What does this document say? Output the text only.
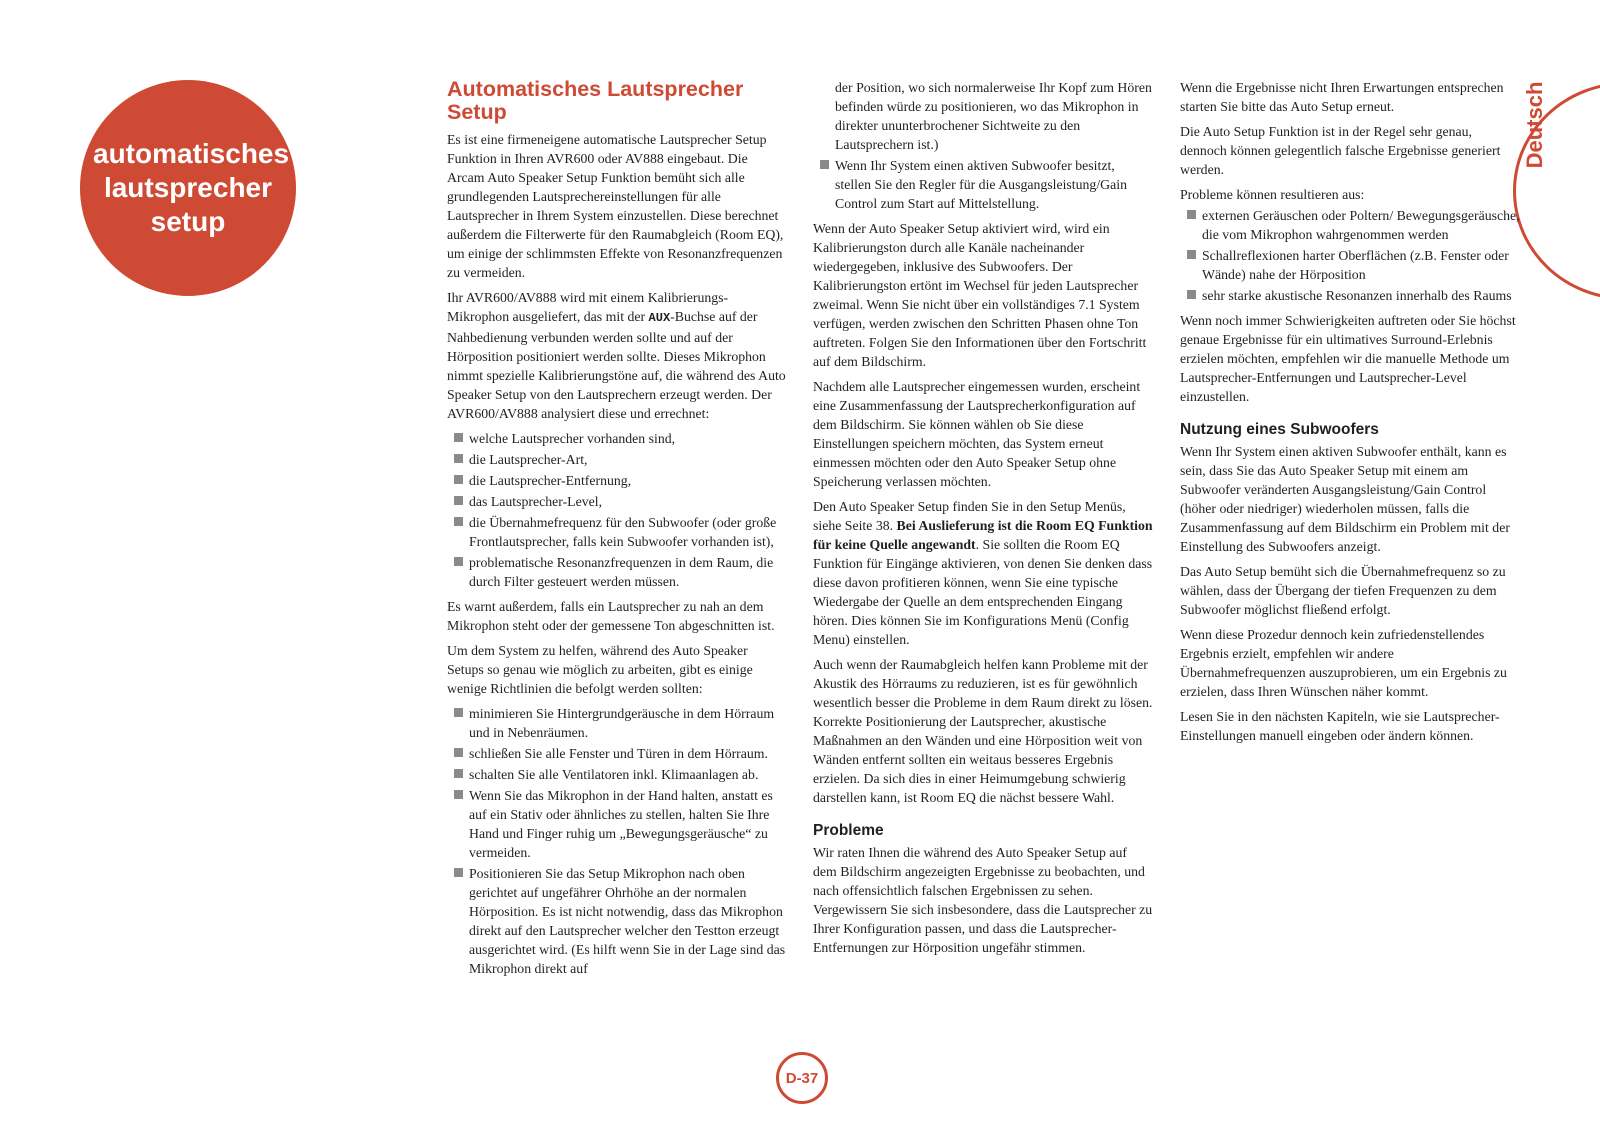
automatisches lautsprecher setup
Deutsch
Automatisches Lautsprecher Setup

Es ist eine firmeneigene automatische Lautsprecher Setup Funktion in Ihren AVR600 oder AV888 eingebaut. Die Arcam Auto Speaker Setup Funktion bemüht sich alle grundlegenden Lautsprechereinstellungen für alle Lautsprecher in Ihrem System einzustellen. Diese berechnet außerdem die Filterwerte für den Raumabgleich (Room EQ), um einige der schlimmsten Effekte von Resonanzfrequenzen zu vermeiden.

Ihr AVR600/AV888 wird mit einem Kalibrierungs-Mikrophon ausgeliefert, das mit der AUX-Buchse auf der Nahbedienung verbunden werden sollte und auf der Hörposition positioniert werden sollte. Dieses Mikrophon nimmt spezielle Kalibrierungstöne auf, die während des Auto Speaker Setup von den Lautsprechern erzeugt werden. Der AVR600/AV888 analysiert diese und errechnet:

welche Lautsprecher vorhanden sind,
die Lautsprecher-Art,
die Lautsprecher-Entfernung,
das Lautsprecher-Level,
die Übernahmefrequenz für den Subwoofer (oder große Frontlautsprecher, falls kein Subwoofer vorhanden ist),
problematische Resonanzfrequenzen in dem Raum, die durch Filter gesteuert werden müssen.

Es warnt außerdem, falls ein Lautsprecher zu nah an dem Mikrophon steht oder der gemessene Ton abgeschnitten ist.

Um dem System zu helfen, während des Auto Speaker Setups so genau wie möglich zu arbeiten, gibt es einige wenige Richtlinien die befolgt werden sollten:

minimieren Sie Hintergrundgeräusche in dem Hörraum und in Nebenräumen.
schließen Sie alle Fenster und Türen in dem Hörraum.
schalten Sie alle Ventilatoren inkl. Klimaanlagen ab.
Wenn Sie das Mikrophon in der Hand halten, anstatt es auf ein Stativ oder ähnliches zu stellen, halten Sie Ihre Hand und Finger ruhig um „Bewegungsgeräusche“ zu vermeiden.
Positionieren Sie das Setup Mikrophon nach oben gerichtet auf ungefährer Ohrhöhe an der normalen Hörposition. Es ist nicht notwendig, dass das Mikrophon direkt auf den Lautsprecher welcher den Testton erzeugt ausgerichtet wird. (Es hilft wenn Sie in der Lage sind das Mikrophon direkt auf
der Position, wo sich normalerweise Ihr Kopf zum Hören befinden würde zu positionieren, wo das Mikrophon in direkter ununterbrochener Sichtweite zu den Lautsprechern ist.)
Wenn Ihr System einen aktiven Subwoofer besitzt, stellen Sie den Regler für die Ausgangsleistung/Gain Control zum Start auf Mittelstellung.

Wenn der Auto Speaker Setup aktiviert wird, wird ein Kalibrierungston durch alle Kanäle nacheinander wiedergegeben, inklusive des Subwoofers. Der Kalibrierungston ertönt im Wechsel für jeden Lautsprecher zweimal. Wenn Sie nicht über ein vollständiges 7.1 System verfügen, werden zwischen den Schritten Phasen ohne Ton auftreten. Folgen Sie den Informationen über den Fortschritt auf dem Bildschirm.

Nachdem alle Lautsprecher eingemessen wurden, erscheint eine Zusammenfassung der Lautsprecherkonfiguration auf dem Bildschirm. Sie können wählen ob Sie diese Einstellungen speichern möchten, das System erneut einmessen möchten oder den Auto Speaker Setup ohne Speicherung verlassen möchten.

Den Auto Speaker Setup finden Sie in den Setup Menüs, siehe Seite 38. Bei Auslieferung ist die Room EQ Funktion für keine Quelle angewandt. Sie sollten die Room EQ Funktion für Eingänge aktivieren, von denen Sie denken dass diese davon profitieren können, wenn Sie eine typische Wiedergabe der Quelle an dem entsprechenden Eingang hören. Dies können Sie im Konfigurations Menü (Config Menu) einstellen.

Auch wenn der Raumabgleich helfen kann Probleme mit der Akustik des Hörraums zu reduzieren, ist es für gewöhnlich wesentlich besser die Probleme in dem Raum direkt zu lösen. Korrekte Positionierung der Lautsprecher, akustische Maßnahmen an den Wänden und eine Hörposition weit von Wänden entfernt sollten ein weitaus besseres Ergebnis erzielen. Da sich dies in einer Heimumgebung schwierig darstellen kann, ist Room EQ die nächst bessere Wahl.

Probleme

Wir raten Ihnen die während des Auto Speaker Setup auf dem Bildschirm angezeigten Ergebnisse zu beobachten, und nach offensichtlich falschen Ergebnissen zu sehen. Vergewissern Sie sich insbesondere, dass die Lautsprecher zu Ihrer Konfiguration passen, und dass die Lautsprecher-Entfernungen zur Hörposition ungefähr stimmen.

Wenn die Ergebnisse nicht Ihren Erwartungen entsprechen starten Sie bitte das Auto Setup erneut.

Die Auto Setup Funktion ist in der Regel sehr genau, dennoch können gelegentlich falsche Ergebnisse generiert werden.

Probleme können resultieren aus:

externen Geräuschen oder Poltern/ Bewegungsgeräusche, die vom Mikrophon wahrgenommen werden
Schallreflexionen harter Oberflächen (z.B. Fenster oder Wände) nahe der Hörposition
sehr starke akustische Resonanzen innerhalb des Raums

Wenn noch immer Schwierigkeiten auftreten oder Sie höchst genaue Ergebnisse für ein ultimatives Surround-Erlebnis erzielen möchten, empfehlen wir die manuelle Methode um Lautsprecher-Entfernungen und Lautsprecher-Level einzustellen.

Nutzung eines Subwoofers

Wenn Ihr System einen aktiven Subwoofer enthält, kann es sein, dass Sie das Auto Speaker Setup mit einem am Subwoofer veränderten Ausgangsleistung/Gain Control (höher oder niedriger) wiederholen müssen, falls die Zusammenfassung auf dem Bildschirm ein Problem mit der Einstellung des Subwoofers anzeigt.

Das Auto Setup bemüht sich die Übernahmefrequenz so zu wählen, dass der Übergang der tiefen Frequenzen zu dem Subwoofer möglichst fließend erfolgt.

Wenn diese Prozedur dennoch kein zufriedenstellendes Ergebnis erzielt, empfehlen wir andere Übernahmefrequenzen auszuprobieren, um ein Ergebnis zu erzielen, dass Ihren Wünschen näher kommt.

Lesen Sie in den nächsten Kapiteln, wie sie Lautsprecher-Einstellungen manuell eingeben oder ändern können.

D-37
